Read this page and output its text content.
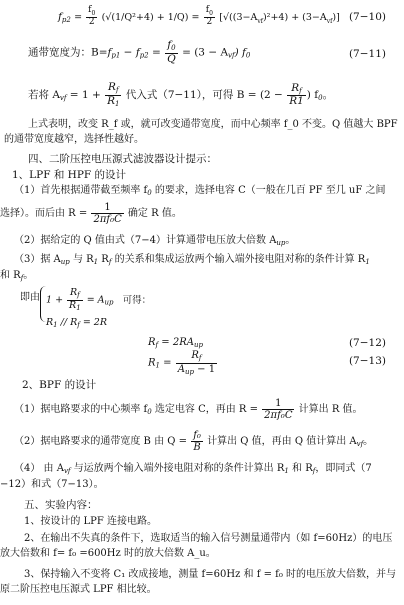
$f_{p2} = \frac{f_0}{2} (√(1/Q^2+4) + 1/Q) = \frac{f_0}{2} [√((3-A_{vf})^2+4) + (3-A_{vf})]$ (7−10)
通带宽度为：$B=f_{p1} - f_{p2} = \frac{f_0}{Q} = (3 - A_{vf})$ $f_0$	(7−11)
若将 $A_{vf} = 1 + \frac{R_f}{R_1}$ 代入式（7−11），可得 $B = (2 - \frac{R_f}{R1}$ ) $f_0$。
上式表明，改变 R_f 或，就可改变通带宽度，而中心频率 f_0 不变。Q 值越大 BPF 的通带宽度越窄，选择性越好。
四、二阶压控电压源式滤波器设计提示：
1、LPF 和 HPF 的设计
（1）首先根据通带截至频率 $f_0$ 的要求，选择电容 C（一般在几百 PF 至几 uF 之间
选择）。而后由 $R = \frac{1}{\text{2πf₀C}}$ 确定 R 值。
（2）据给定的 Q 值由式（7−4）计算通带电压放大倍数 $A_{up}$。
（3）据 $A_{up}$ 与 $R_1$ $R_f$ 的关系和集成运放两个输入端外接电阻对称的条件计算 $R_1$
和 $R_f$。
即由 $1 + \frac{R_f}{R_1} = A_{up}$ 可得：
$R_1 // R_f = 2R$
$R_f = 2RA_{up}$	(7−12)
$R_1 = \frac{R_f}{A_{up} - 1}$	(7−13)
2、BPF 的设计
（1）据电路要求的中心频率 $f_0$ 选定电容 C，再由 $R = \frac{1}{\text{2πf₀C}}$ 计算出 R 值。
（2）据电路要求的通带宽度 B 由 $Q = \frac{\text{f₀}}{B}$ 计算出 Q 值，再由 Q 值计算出 $A_{vf}$。
（4） 由 $A_{vf}$ 与运放两个输入端外接电阻对称的条件计算出 $R_1$ 和 $R_f$，即同式（7
−12）和式（7−13）。
五、实验内容：
1、按设计的 LPF 连接电路。
2、在输出不失真的条件下，选取适当的输入信号测量通带内（如 f=60Hz）的电压放大倍数和 f= f₀ =600Hz 时的放大倍数 A_u。
3、保持输入不变将 C₁ 改成接地，测量 f=60Hz 和 f = f₀ 时的电压放大倍数，并与原二阶压控电压源式 LPF 相比较。
